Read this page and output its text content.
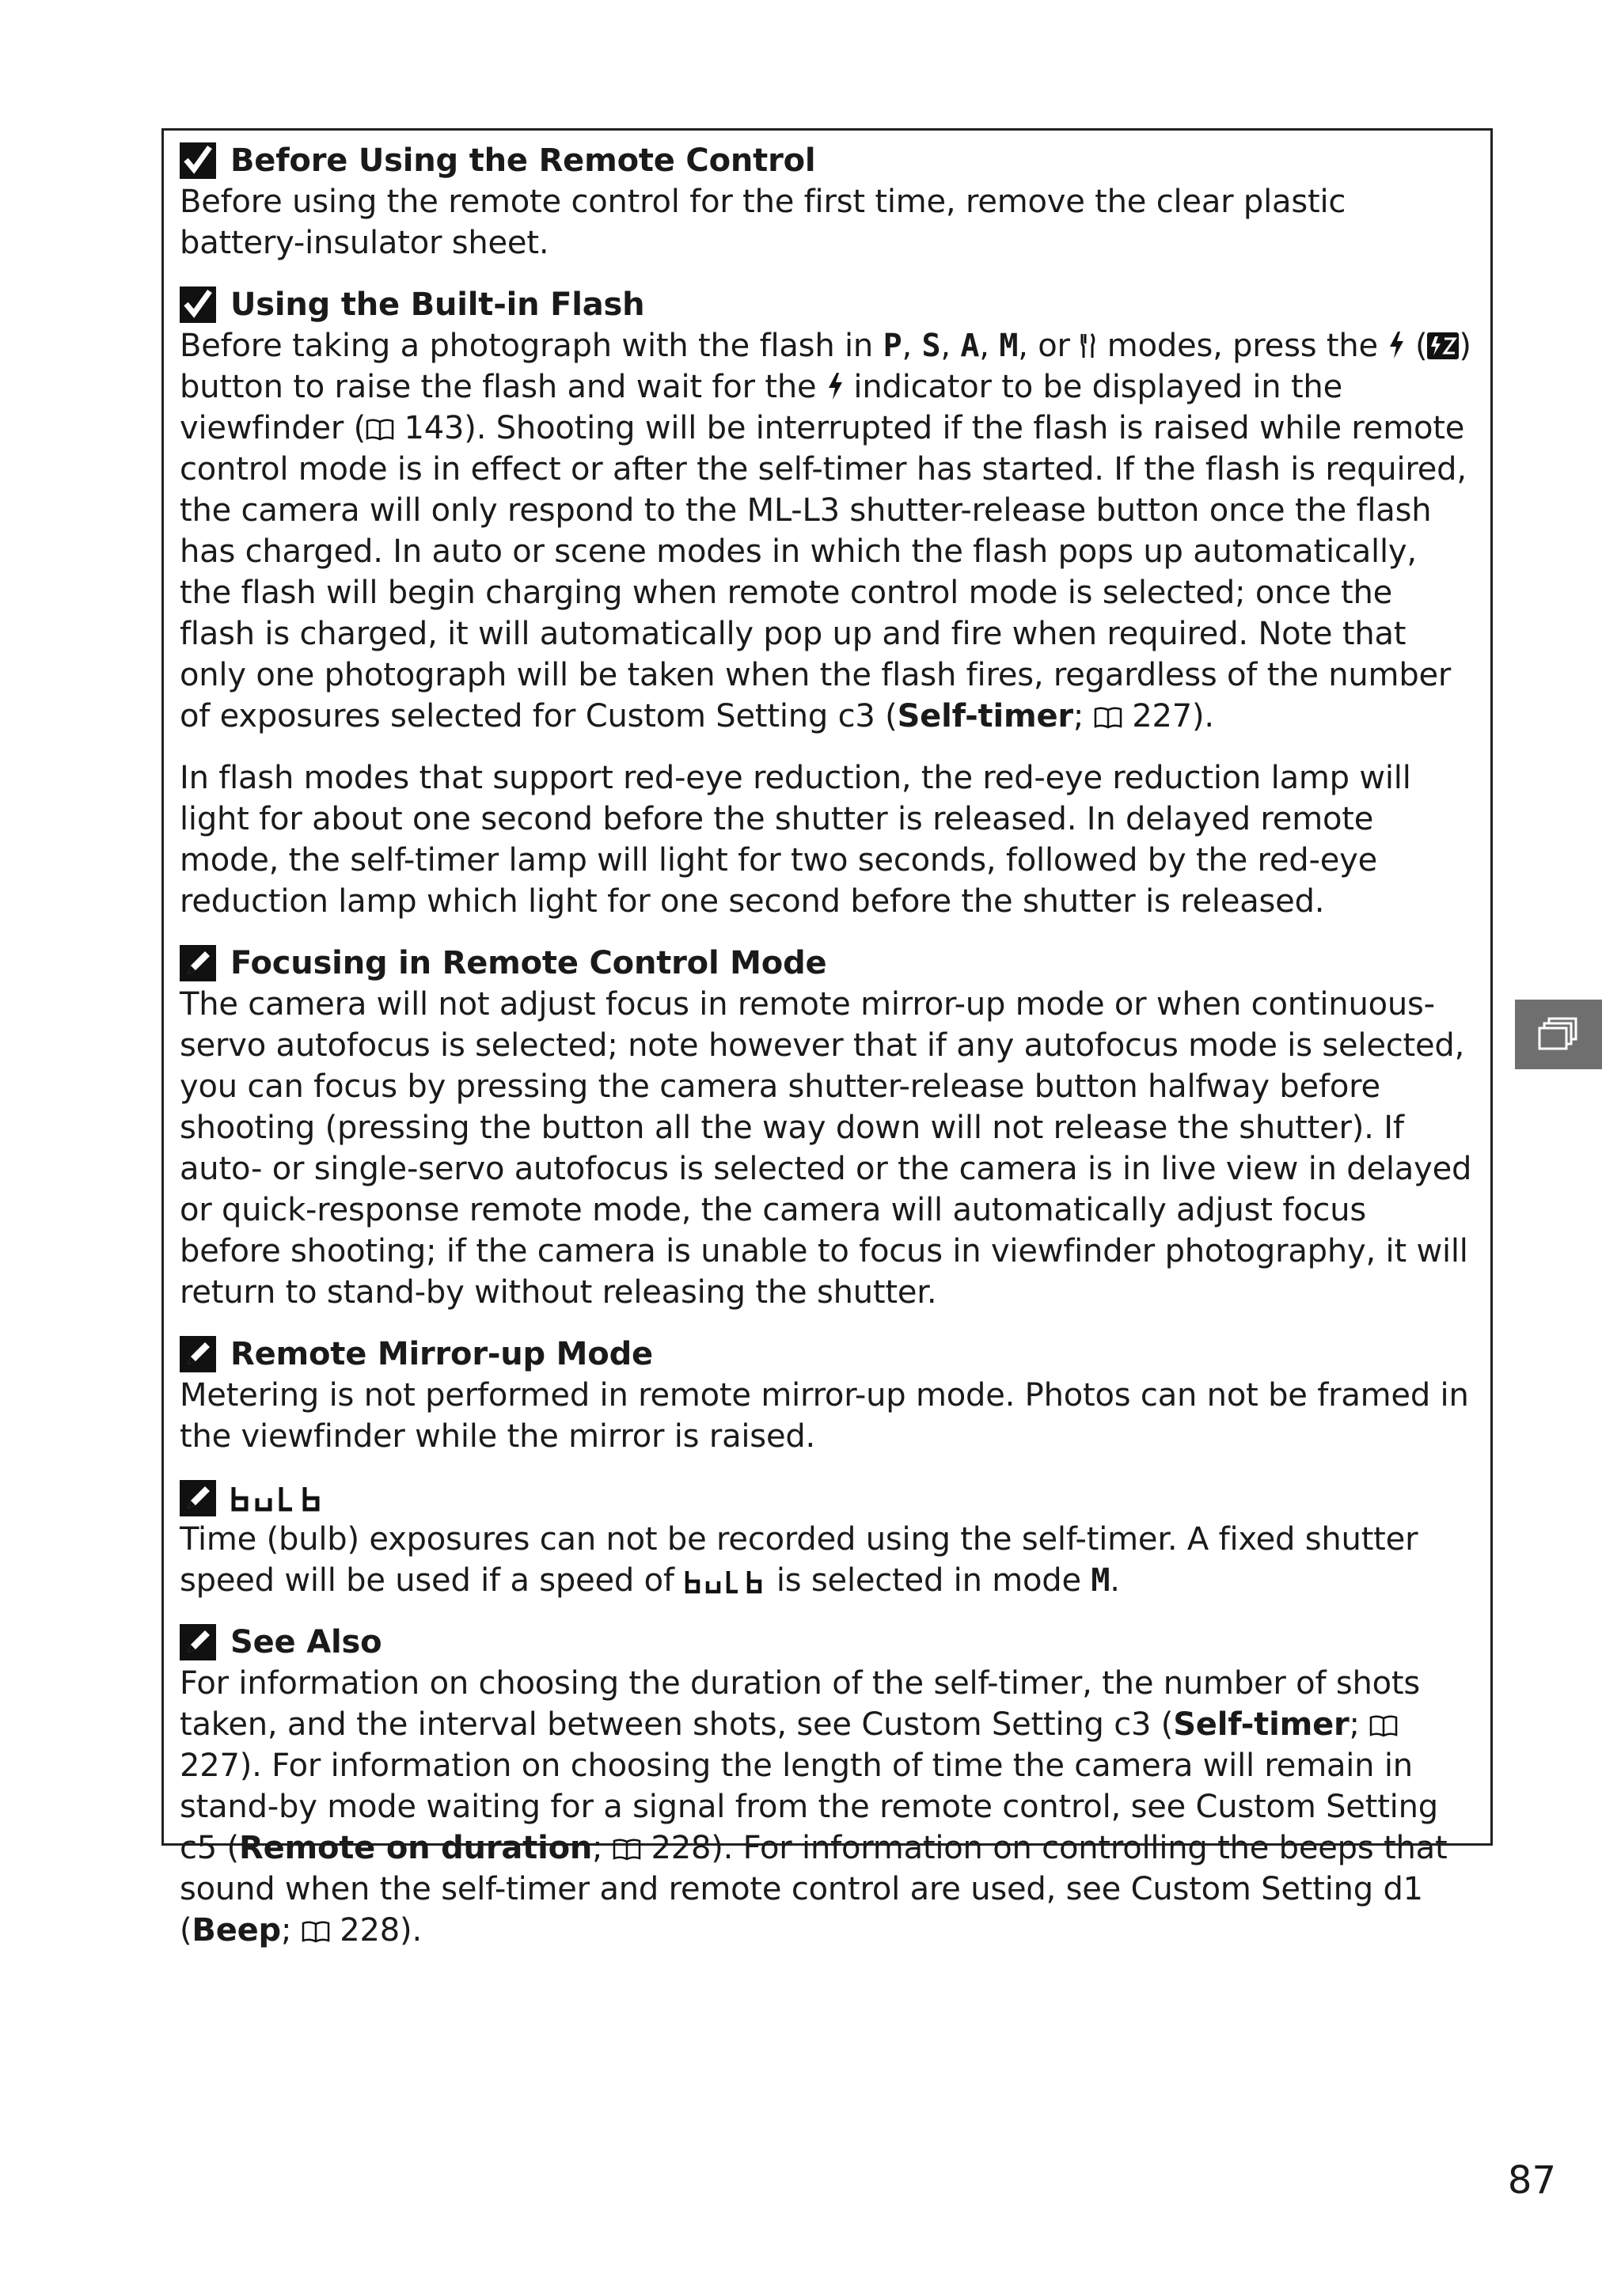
Before Using the Remote Control

Before using the remote control for the first time, remove the clear plastic battery-insulator sheet.

Using the Built-in Flash

Before taking a photograph with the flash in P, S, A, M, or  modes, press the  ( ) button to raise the flash and wait for the  indicator to be displayed in the viewfinder ( 143). Shooting will be interrupted if the flash is raised while remote control mode is in effect or after the self-timer has started. If the flash is required, the camera will only respond to the ML-L3 shutter-release button once the flash has charged. In auto or scene modes in which the flash pops up automatically, the flash will begin charging when remote control mode is selected; once the flash is charged, it will automatically pop up and fire when required. Note that only one photograph will be taken when the flash fires, regardless of the number of exposures selected for Custom Setting c3 (Self-timer;  227).

In flash modes that support red-eye reduction, the red-eye reduction lamp will light for about one second before the shutter is released. In delayed remote mode, the self-timer lamp will light for two seconds, followed by the red-eye reduction lamp which light for one second before the shutter is released.

Focusing in Remote Control Mode

The camera will not adjust focus in remote mirror-up mode or when continuous-servo autofocus is selected; note however that if any autofocus mode is selected, you can focus by pressing the camera shutter-release button halfway before shooting (pressing the button all the way down will not release the shutter). If auto- or single-servo autofocus is selected or the camera is in live view in delayed or quick-response remote mode, the camera will automatically adjust focus before shooting; if the camera is unable to focus in viewfinder photography, it will return to stand-by without releasing the shutter.

Remote Mirror-up Mode

Metering is not performed in remote mirror-up mode. Photos can not be framed in the viewfinder while the mirror is raised.

Time (bulb) exposures can not be recorded using the self-timer. A fixed shutter speed will be used if a speed of	is selected in mode M.

See Also

For information on choosing the duration of the self-timer, the number of shots taken, and the interval between shots, see Custom Setting c3 (Self-timer;  227). For information on choosing the length of time the camera will remain in stand-by mode waiting for a signal from the remote control, see Custom Setting c5 (Remote on duration;  228). For information on controlling the beeps that sound when the self-timer and remote control are used, see Custom Setting d1 (Beep;  228).

87
